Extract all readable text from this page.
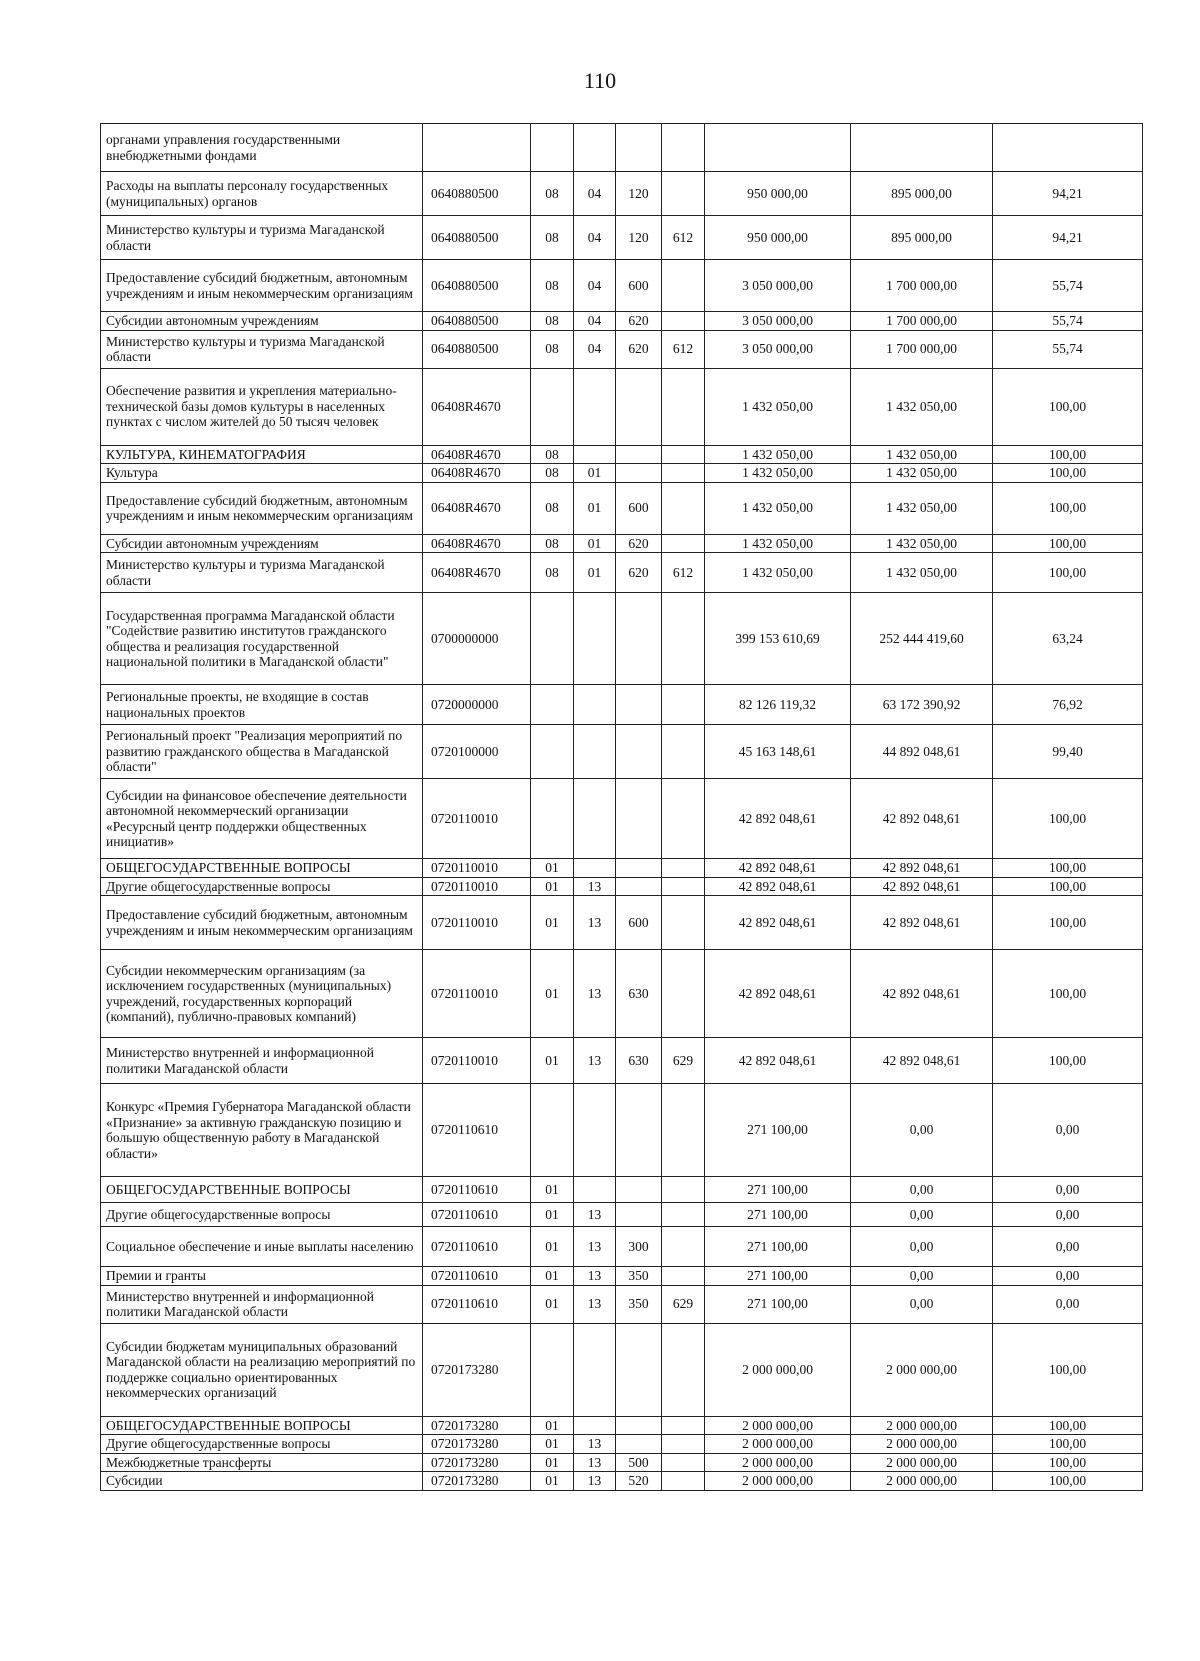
110
органами управления государственными внебюджетными фондами								
Расходы на выплаты персоналу государственных (муниципальных) органов	0640880500	08	04	120		950 000,00	895 000,00	94,21
Министерство культуры и туризма Магаданской области	0640880500	08	04	120	612	950 000,00	895 000,00	94,21
Предоставление субсидий бюджетным, автономным учреждениям и иным некоммерческим организациям	0640880500	08	04	600		3 050 000,00	1 700 000,00	55,74
Субсидии автономным учреждениям	0640880500	08	04	620		3 050 000,00	1 700 000,00	55,74
Министерство культуры и туризма Магаданской области	0640880500	08	04	620	612	3 050 000,00	1 700 000,00	55,74
Обеспечение развития и укрепления материально-технической базы домов культуры в населенных пунктах с числом жителей до 50 тысяч человек	06408R4670					1 432 050,00	1 432 050,00	100,00
КУЛЬТУРА, КИНЕМАТОГРАФИЯ	06408R4670	08				1 432 050,00	1 432 050,00	100,00
Культура	06408R4670	08	01			1 432 050,00	1 432 050,00	100,00
Предоставление субсидий бюджетным, автономным учреждениям и иным некоммерческим организациям	06408R4670	08	01	600		1 432 050,00	1 432 050,00	100,00
Субсидии автономным учреждениям	06408R4670	08	01	620		1 432 050,00	1 432 050,00	100,00
Министерство культуры и туризма Магаданской области	06408R4670	08	01	620	612	1 432 050,00	1 432 050,00	100,00
Государственная программа Магаданской области "Содействие развитию институтов гражданского общества и реализация государственной национальной политики в Магаданской области"	0700000000					399 153 610,69	252 444 419,60	63,24
Региональные проекты, не входящие в состав национальных проектов	0720000000					82 126 119,32	63 172 390,92	76,92
Региональный проект "Реализация мероприятий по развитию гражданского общества в Магаданской области"	0720100000					45 163 148,61	44 892 048,61	99,40
Субсидии на финансовое обеспечение деятельности автономной некоммерческий организации «Ресурсный центр поддержки общественных инициатив»	0720110010					42 892 048,61	42 892 048,61	100,00
ОБЩЕГОСУДАРСТВЕННЫЕ ВОПРОСЫ	0720110010	01				42 892 048,61	42 892 048,61	100,00
Другие общегосударственные вопросы	0720110010	01	13			42 892 048,61	42 892 048,61	100,00
Предоставление субсидий бюджетным, автономным учреждениям и иным некоммерческим организациям	0720110010	01	13	600		42 892 048,61	42 892 048,61	100,00
Субсидии некоммерческим организациям (за исключением государственных (муниципальных) учреждений, государственных корпораций (компаний), публично-правовых компаний)	0720110010	01	13	630		42 892 048,61	42 892 048,61	100,00
Министерство внутренней и информационной политики Магаданской области	0720110010	01	13	630	629	42 892 048,61	42 892 048,61	100,00
Конкурс «Премия Губернатора Магаданской области «Признание» за активную гражданскую позицию и большую общественную работу в Магаданской области»	0720110610					271 100,00	0,00	0,00
ОБЩЕГОСУДАРСТВЕННЫЕ ВОПРОСЫ	0720110610	01				271 100,00	0,00	0,00
Другие общегосударственные вопросы	0720110610	01	13			271 100,00	0,00	0,00
Социальное обеспечение и иные выплаты населению	0720110610	01	13	300		271 100,00	0,00	0,00
Премии и гранты	0720110610	01	13	350		271 100,00	0,00	0,00
Министерство внутренней и информационной политики Магаданской области	0720110610	01	13	350	629	271 100,00	0,00	0,00
Субсидии бюджетам муниципальных образований Магаданской области на реализацию мероприятий по поддержке социально ориентированных некоммерческих организаций	0720173280					2 000 000,00	2 000 000,00	100,00
ОБЩЕГОСУДАРСТВЕННЫЕ ВОПРОСЫ	0720173280	01				2 000 000,00	2 000 000,00	100,00
Другие общегосударственные вопросы	0720173280	01	13			2 000 000,00	2 000 000,00	100,00
Межбюджетные трансферты	0720173280	01	13	500		2 000 000,00	2 000 000,00	100,00
Субсидии	0720173280	01	13	520		2 000 000,00	2 000 000,00	100,00
